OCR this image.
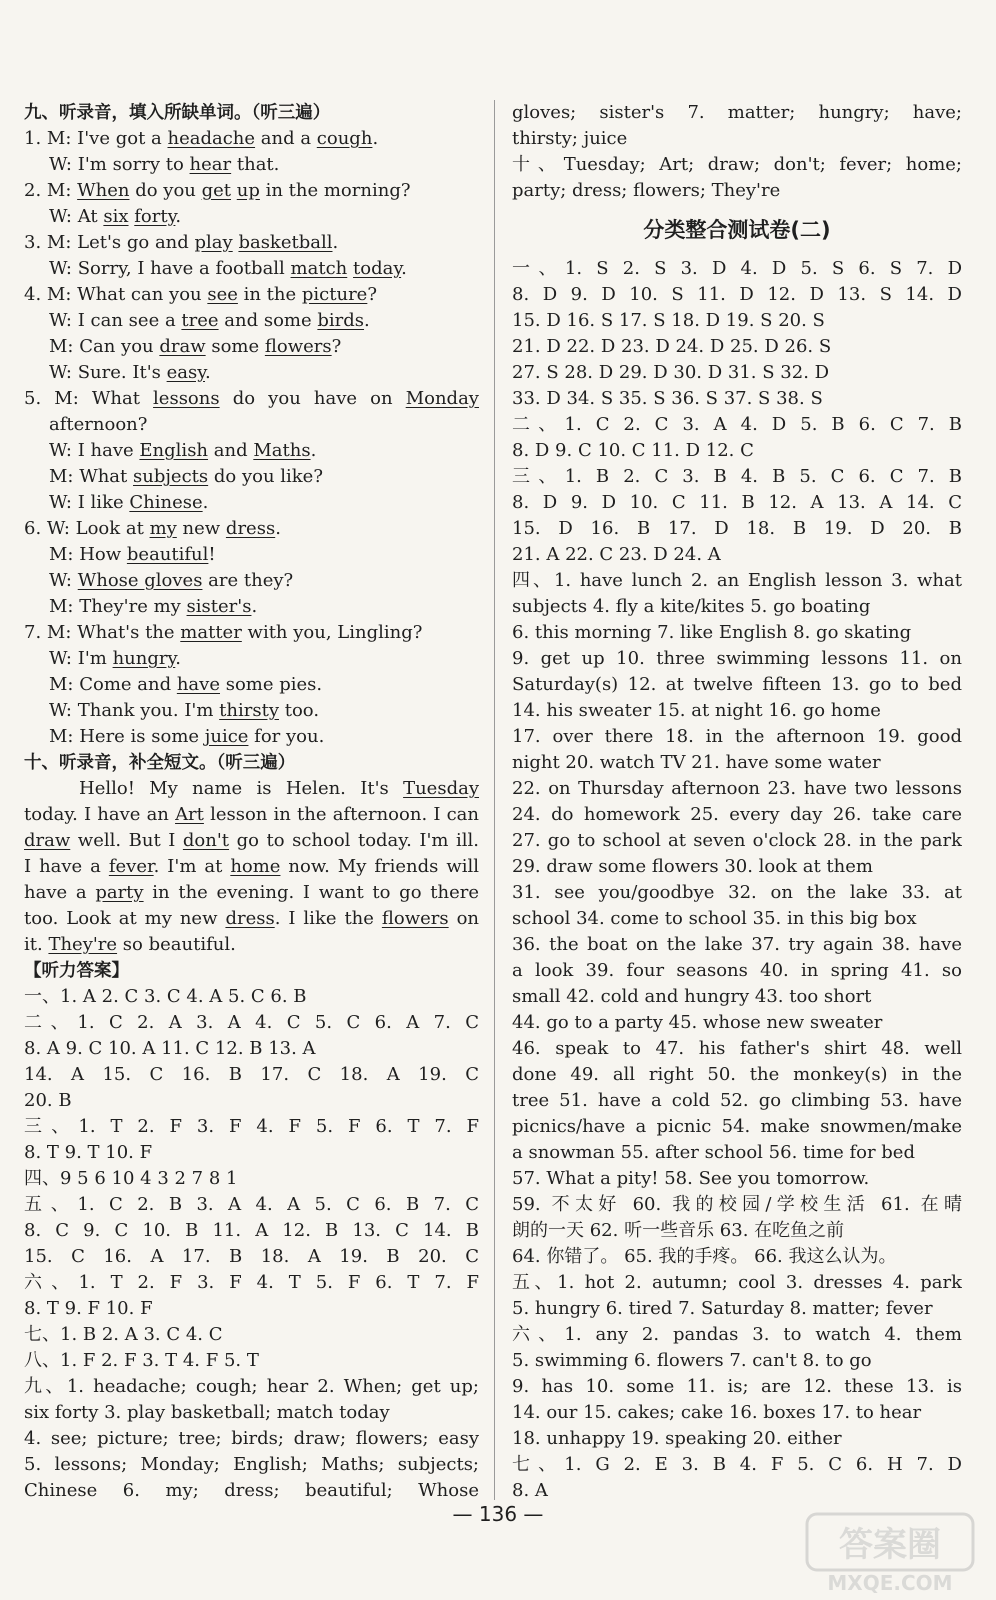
九、听录音，填入所缺单词。（听三遍）
1. M: I've got a headache and a cough.
W: I'm sorry to hear that.
2. M: When do you get up in the morning?
W: At six forty.
3. M: Let's go and play basketball.
W: Sorry, I have a football match today.
4. M: What can you see in the picture?
W: I can see a tree and some birds.
M: Can you draw some flowers?
W: Sure. It's easy.
5. M: What lessons do you have on Monday
afternoon?
W: I have English and Maths.
M: What subjects do you like?
W: I like Chinese.
6. W: Look at my new dress.
M: How beautiful!
W: Whose gloves are they?
M: They're my sister's.
7. M: What's the matter with you, Lingling?
W: I'm hungry.
M: Come and have some pies.
W: Thank you. I'm thirsty too.
M: Here is some juice for you.
十、听录音，补全短文。（听三遍）
Hello! My name is Helen. It's Tuesday
today. I have an Art lesson in the afternoon. I can
draw well. But I don't go to school today. I'm ill.
I have a fever. I'm at home now. My friends will
have a party in the evening. I want to go there
too. Look at my new dress. I like the flowers on
it. They're so beautiful.
【听力答案】
一、1. A 2. C 3. C 4. A 5. C 6. B
二、1. C 2. A 3. A 4. C 5. C 6. A 7. C
8. A 9. C 10. A 11. C 12. B 13. A
14. A 15. C 16. B 17. C 18. A 19. C
20. B
三、1. T 2. F 3. F 4. F 5. F 6. T 7. F
8. T 9. T 10. F
四、9 5 6 10 4 3 2 7 8 1
五、1. C 2. B 3. A 4. A 5. C 6. B 7. C
8. C 9. C 10. B 11. A 12. B 13. C 14. B
15. C 16. A 17. B 18. A 19. B 20. C
六、1. T 2. F 3. F 4. T 5. F 6. T 7. F
8. T 9. F 10. F
七、1. B 2. A 3. C 4. C
八、1. F 2. F 3. T 4. F 5. T
九、1. headache; cough; hear 2. When; get up;
six forty 3. play basketball; match today
4. see; picture; tree; birds; draw; flowers; easy
5. lessons; Monday; English; Maths; subjects;
Chinese 6. my; dress; beautiful; Whose
gloves; sister's 7. matter; hungry; have;
thirsty; juice
十、Tuesday; Art; draw; don't; fever; home;
party; dress; flowers; They're
分类整合测试卷(二)
一、1. S 2. S 3. D 4. D 5. S 6. S 7. D
8. D 9. D 10. S 11. D 12. D 13. S 14. D
15. D 16. S 17. S 18. D 19. S 20. S
21. D 22. D 23. D 24. D 25. D 26. S
27. S 28. D 29. D 30. D 31. S 32. D
33. D 34. S 35. S 36. S 37. S 38. S
二、1. C 2. C 3. A 4. D 5. B 6. C 7. B
8. D 9. C 10. C 11. D 12. C
三、1. B 2. C 3. B 4. B 5. C 6. C 7. B
8. D 9. D 10. C 11. B 12. A 13. A 14. C
15. D 16. B 17. D 18. B 19. D 20. B
21. A 22. C 23. D 24. A
四、1. have lunch 2. an English lesson 3. what
subjects 4. fly a kite/kites 5. go boating
6. this morning 7. like English 8. go skating
9. get up 10. three swimming lessons 11. on
Saturday(s) 12. at twelve fifteen 13. go to bed
14. his sweater 15. at night 16. go home
17. over there 18. in the afternoon 19. good
night 20. watch TV 21. have some water
22. on Thursday afternoon 23. have two lessons
24. do homework 25. every day 26. take care
27. go to school at seven o'clock 28. in the park
29. draw some flowers 30. look at them
31. see you/goodbye 32. on the lake 33. at
school 34. come to school 35. in this big box
36. the boat on the lake 37. try again 38. have
a look 39. four seasons 40. in spring 41. so
small 42. cold and hungry 43. too short
44. go to a party 45. whose new sweater
46. speak to 47. his father's shirt 48. well
done 49. all right 50. the monkey(s) in the
tree 51. have a cold 52. go climbing 53. have
picnics/have a picnic 54. make snowmen/make
a snowman 55. after school 56. time for bed
57. What a pity! 58. See you tomorrow.
59. 不太好 60. 我的校园/学校生活 61. 在晴
朗的一天 62. 听一些音乐 63. 在吃鱼之前
64. 你错了。 65. 我的手疼。 66. 我这么认为。
五、1. hot 2. autumn; cool 3. dresses 4. park
5. hungry 6. tired 7. Saturday 8. matter; fever
六、1. any 2. pandas 3. to watch 4. them
5. swimming 6. flowers 7. can't 8. to go
9. has 10. some 11. is; are 12. these 13. is
14. our 15. cakes; cake 16. boxes 17. to hear
18. unhappy 19. speaking 20. either
七、1. G 2. E 3. B 4. F 5. C 6. H 7. D
8. A
— 136 —
答案圈
MXQE.COM
